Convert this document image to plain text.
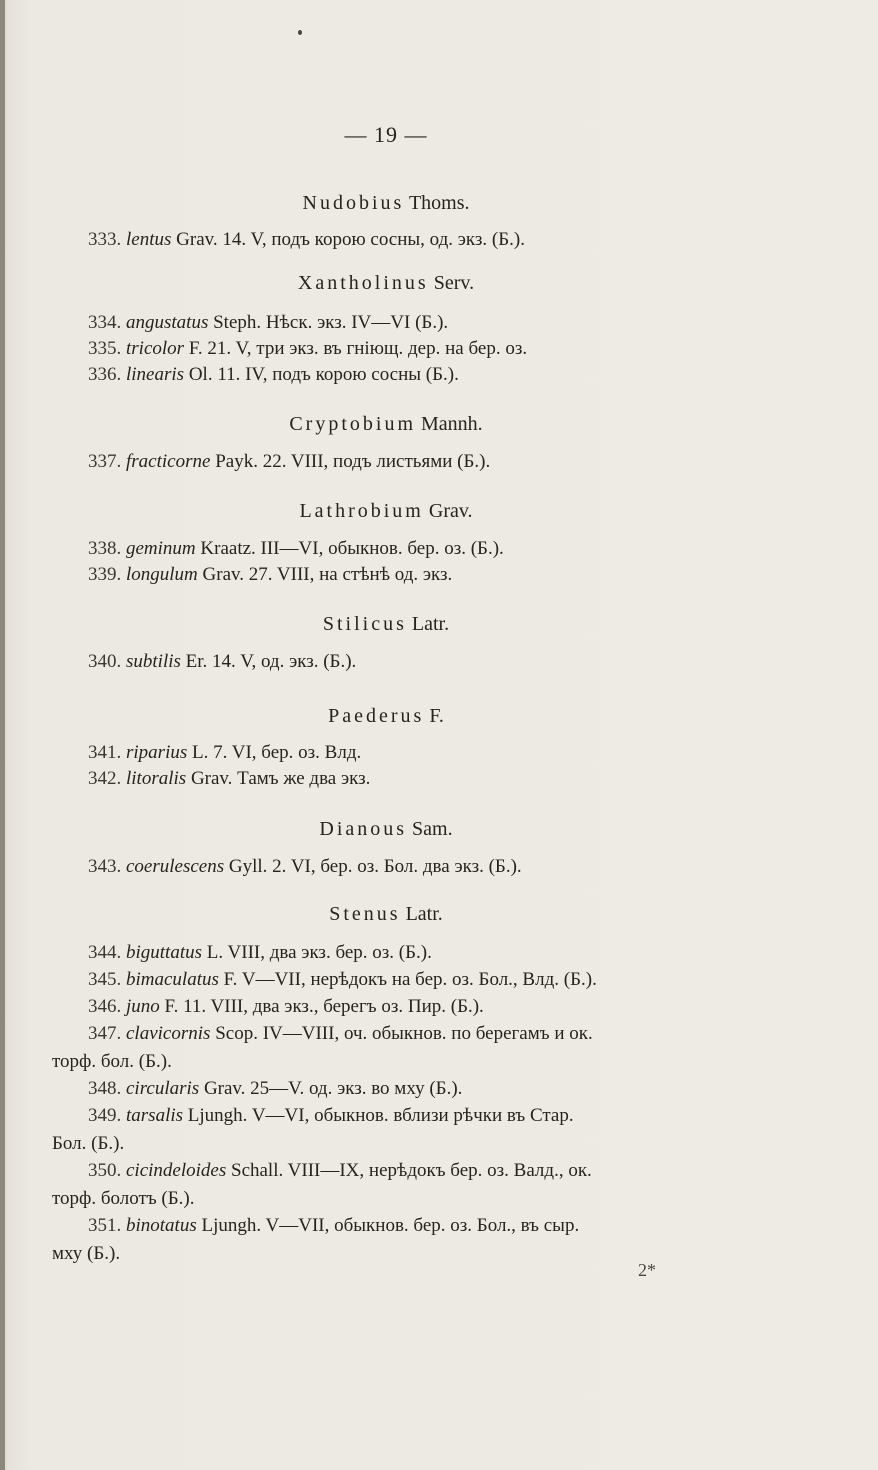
— 19 —
Nudobius Thoms.
333. lentus Grav. 14. V, подъ корою сосны, од. экз. (Б.).
Xantholinus Serv.
334. angustatus Steph. Нѣск. экз. IV—VI (Б.).
335. tricolor F. 21. V, три экз. въ гніющ. дер. на бер. оз.
336. linearis Ol. 11. IV, подъ корою сосны (Б.).
Cryptobium Mannh.
337. fracticorne Payk. 22. VIII, подъ листьями (Б.).
Lathrobium Grav.
338. geminum Kraatz. III—VI, обыкнов. бер. оз. (Б.).
339. longulum Grav. 27. VIII, на стѣнѣ од. экз.
Stilicus Latr.
340. subtilis Er. 14. V, од. экз. (Б.).
Paederus F.
341. riparius L. 7. VI, бер. оз. Влд.
342. litoralis Grav. Тамъ же два экз.
Dianous Sam.
343. coerulescens Gyll. 2. VI, бер. оз. Бол. два экз. (Б.).
Stenus Latr.
344. biguttatus L. VIII, два экз. бер. оз. (Б.).
345. bimaculatus F. V—VII, нерѣдокъ на бер. оз. Бол., Влд. (Б.).
346. juno F. 11. VIII, два экз., берегъ оз. Пир. (Б.).
347. clavicornis Scop. IV—VIII, оч. обыкнов. по берегамъ и ок.
торф. бол. (Б.).
348. circularis Grav. 25—V. од. экз. во мху (Б.).
349. tarsalis Ljungh. V—VI, обыкнов. вблизи рѣчки въ Стар.
Бол. (Б.).
350. cicindeloides Schall. VIII—IX, нерѣдокъ бер. оз. Валд., ок.
торф. болотъ (Б.).
351. binotatus Ljungh. V—VII, обыкнов. бер. оз. Бол., въ сыр.
мху (Б.).
2*
